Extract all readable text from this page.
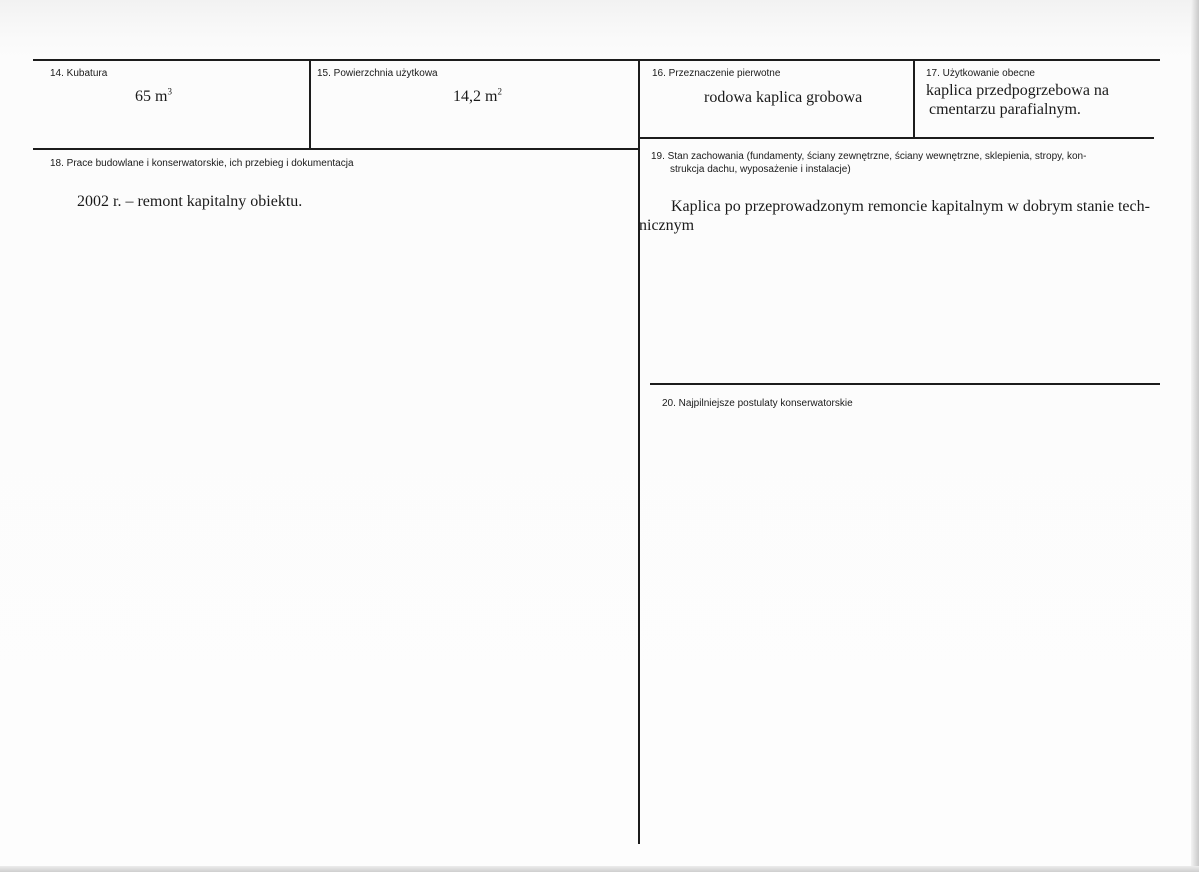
14. Kubatura
65 $m^3$
15. Powierzchnia użytkowa
14,2 $m^2$
16. Przeznaczenie pierwotne
rodowa kaplica grobowa
17. Użytkowanie obecne
kaplica przedpogrzebowa na
cmentarzu parafialnym.
18. Prace budowlane i konserwatorskie, ich przebieg i dokumentacja
2002 r. – remont kapitalny obiektu.
19. Stan zachowania (fundamenty, ściany zewnętrzne, ściany wewnętrzne, sklepienia, stropy, kon-
strukcja dachu, wyposażenie i instalacje)
Kaplica po przeprowadzonym remoncie kapitalnym w dobrym stanie tech-
nicznym
20. Najpilniejsze postulaty konserwatorskie
